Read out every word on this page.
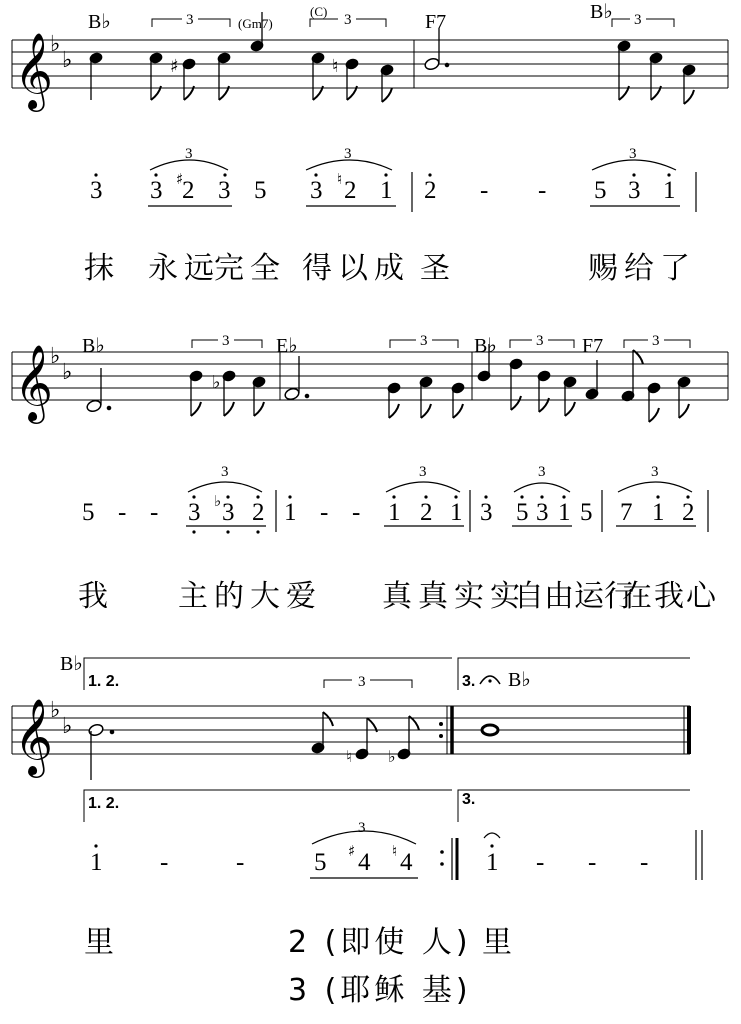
𝄞
♭
♭
B♭	(Gm7)
(C)	F7	B♭
3	3	3
♯	♮
3 3 2 3 5 3 2 1 2 - - 5 3 1
♯	♮
3	3	3
𝄞
♭
♭
B♭	E♭	B♭	F7
3	3	3	3
♭
5 - - 3 3 2 1 - - 1 2 1 3 5 3 1 5 7 1 2
♭
3	3	3	3
𝄞
♭
♭
B♭
B♭
1. 2.	3.
1. 2.	3.
3
♮ ♭
1 -	-	5 4 4	1 - - -
♯ ♮
3
抹 永远
完全 得以成 圣	赐给了
我 主的大爱 真真实实
自由运行
在我心
里	2 (即使 人) 里
3 (耶稣 基)
